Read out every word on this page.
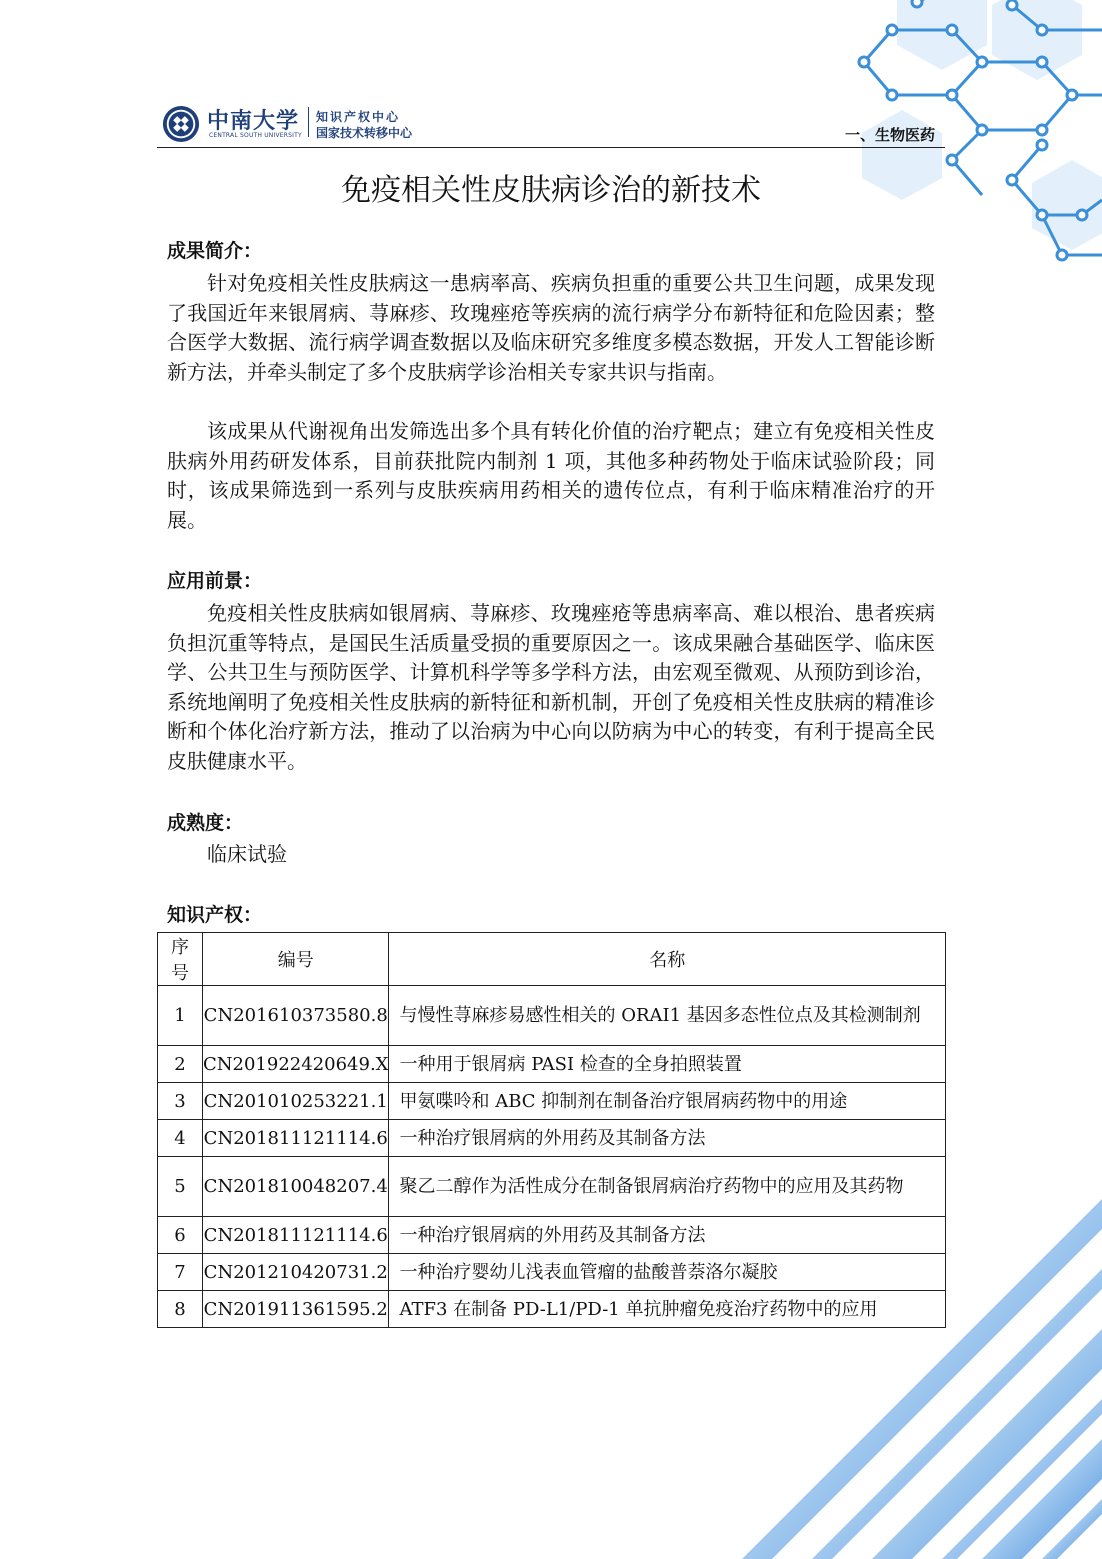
中南大学
CENTRAL SOUTH UNIVERSITY
知识产权中心
国家技术转移中心	一、生物医药
免疫相关性皮肤病诊治的新技术
成果简介：

针对免疫相关性皮肤病这一患病率高、疾病负担重的重要公共卫生问题，成果发现了我国近年来银屑病、荨麻疹、玫瑰痤疮等疾病的流行病学分布新特征和危险因素；整合医学大数据、流行病学调查数据以及临床研究多维度多模态数据，开发人工智能诊断新方法，并牵头制定了多个皮肤病学诊治相关专家共识与指南。

该成果从代谢视角出发筛选出多个具有转化价值的治疗靶点；建立有免疫相关性皮肤病外用药研发体系，目前获批院内制剂 1 项，其他多种药物处于临床试验阶段；同时，该成果筛选到一系列与皮肤疾病用药相关的遗传位点，有利于临床精准治疗的开展。

应用前景：

免疫相关性皮肤病如银屑病、荨麻疹、玫瑰痤疮等患病率高、难以根治、患者疾病负担沉重等特点，是国民生活质量受损的重要原因之一。该成果融合基础医学、临床医学、公共卫生与预防医学、计算机科学等多学科方法，由宏观至微观、从预防到诊治，系统地阐明了免疫相关性皮肤病的新特征和新机制，开创了免疫相关性皮肤病的精准诊断和个体化治疗新方法，推动了以治病为中心向以防病为中心的转变，有利于提高全民皮肤健康水平。

成熟度：

临床试验

知识产权：
序号	编号	名称
1	CN201610373580.8	与慢性荨麻疹易感性相关的 ORAI1 基因多态性位点及其检测制剂
2	CN201922420649.X	一种用于银屑病 PASI 检查的全身拍照装置
3	CN201010253221.1	甲氨喋呤和 ABC 抑制剂在制备治疗银屑病药物中的用途
4	CN201811121114.6	一种治疗银屑病的外用药及其制备方法
5	CN201810048207.4	聚乙二醇作为活性成分在制备银屑病治疗药物中的应用及其药物
6	CN201811121114.6	一种治疗银屑病的外用药及其制备方法
7	CN201210420731.2	一种治疗婴幼儿浅表血管瘤的盐酸普萘洛尔凝胶
8	CN201911361595.2	ATF3 在制备 PD-L1/PD-1 单抗肿瘤免疫治疗药物中的应用
